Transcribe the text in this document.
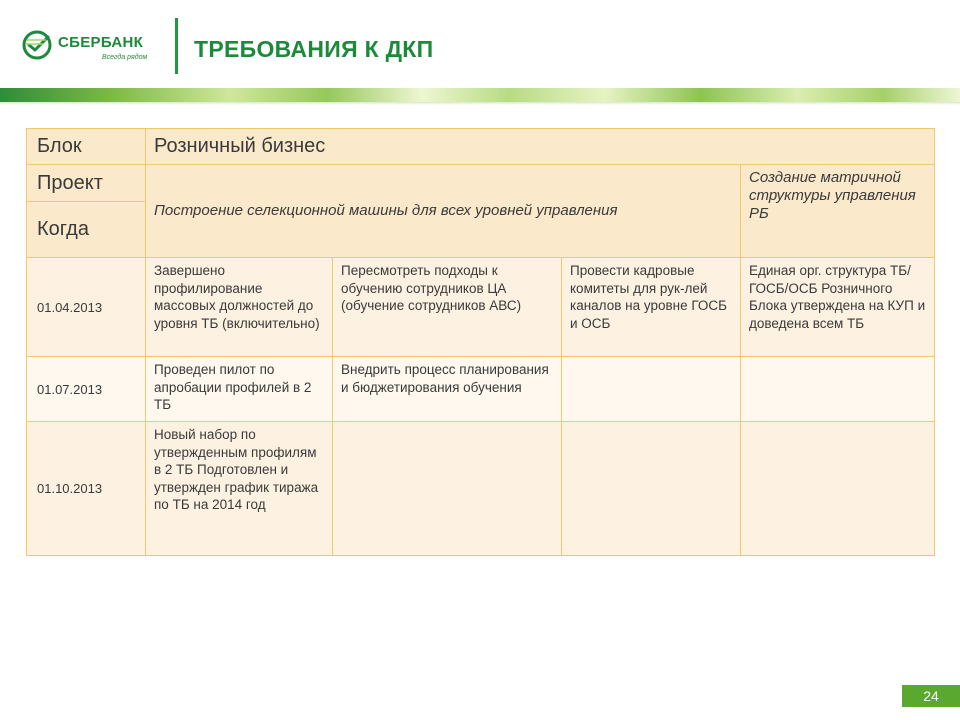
СБЕРБАНК
Всегда рядом ТРЕБОВАНИЯ К ДКП
Блок	Розничный бизнес			
Проект	Построение селекционной машины для всех уровней управления			Создание матричной структуры управления РБ
Когда				
01.04.2013	Завершено профилирование массовых должностей до уровня ТБ (включительно)	Пересмотреть подходы к обучению сотрудников ЦА (обучение сотрудников АВС)	Провести кадровые комитеты для рук-лей каналов на уровне ГОСБ и ОСБ	Единая орг. структура ТБ/ГОСБ/ОСБ Розничного Блока утверждена на КУП и доведена всем ТБ
01.07.2013	Проведен пилот по апробации профилей в 2 ТБ	Внедрить процесс планирования и бюджетирования обучения		
01.10.2013	Новый набор по утвержденным профилям в 2 ТБ Подготовлен и утвержден график тиража по ТБ на 2014 год			
24
